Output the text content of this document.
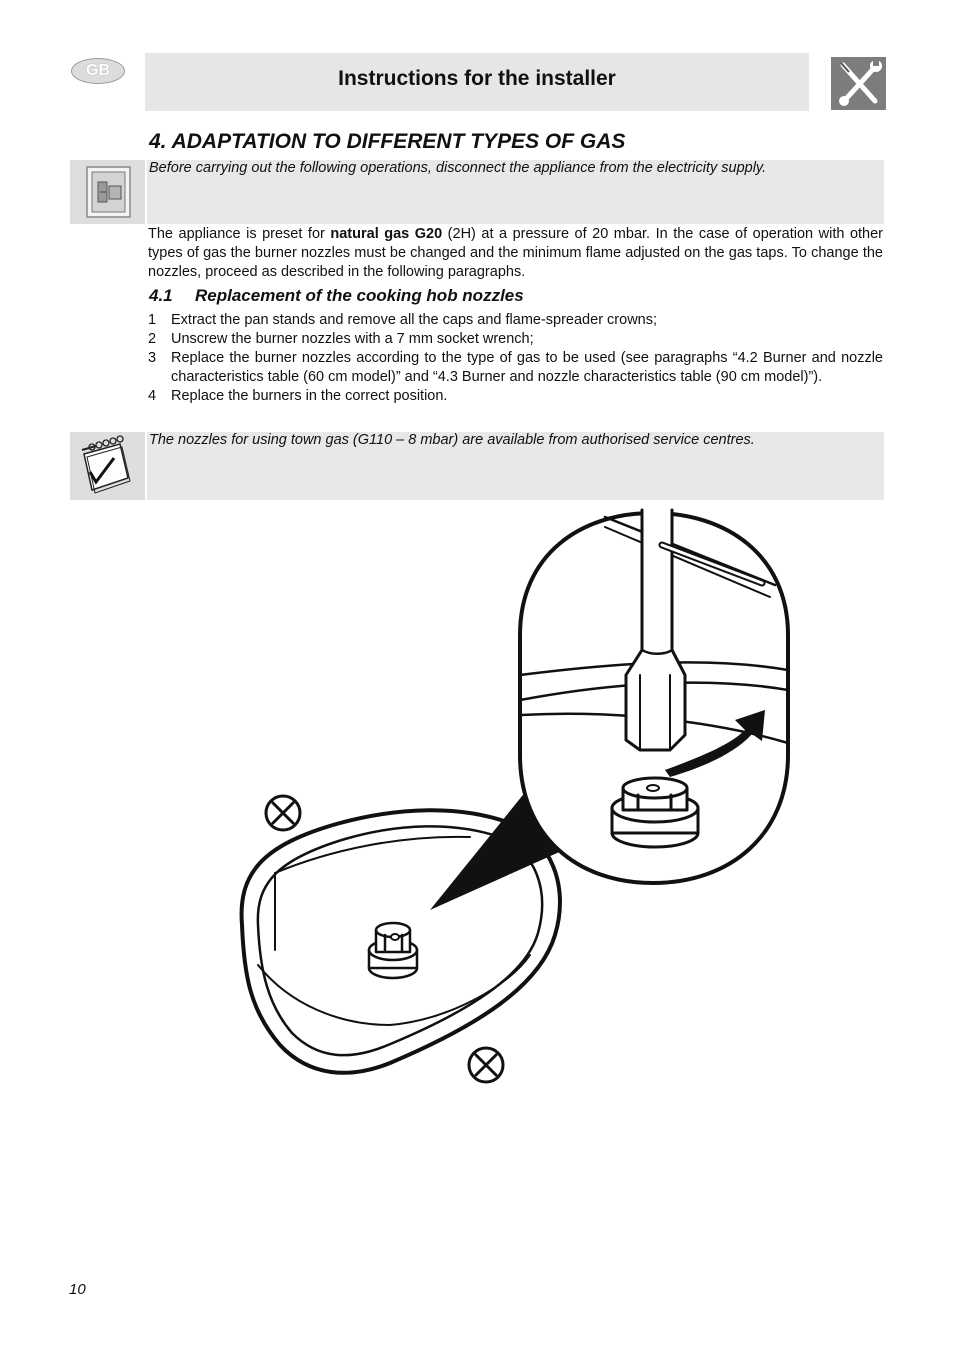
GB	Instructions for the installer
4. ADAPTATION TO DIFFERENT TYPES OF GAS
Before carrying out the following operations, disconnect the appliance from the electricity supply.
The appliance is preset for natural gas G20 (2H) at a pressure of 20 mbar. In the case of operation with other types of gas the burner nozzles must be changed and the minimum flame adjusted on the gas taps. To change the nozzles, proceed as described in the following paragraphs.
4.1 Replacement of the cooking hob nozzles
1 Extract the pan stands and remove all the caps and flame-spreader crowns;
2 Unscrew the burner nozzles with a 7 mm socket wrench;
3 Replace the burner nozzles according to the type of gas to be used (see paragraphs “4.2 Burner and nozzle characteristics table (60 cm model)” and “4.3 Burner and nozzle characteristics table (90 cm model)”).
4 Replace the burners in the correct position.
The nozzles for using town gas (G110 – 8 mbar) are available from authorised service centres.
10
